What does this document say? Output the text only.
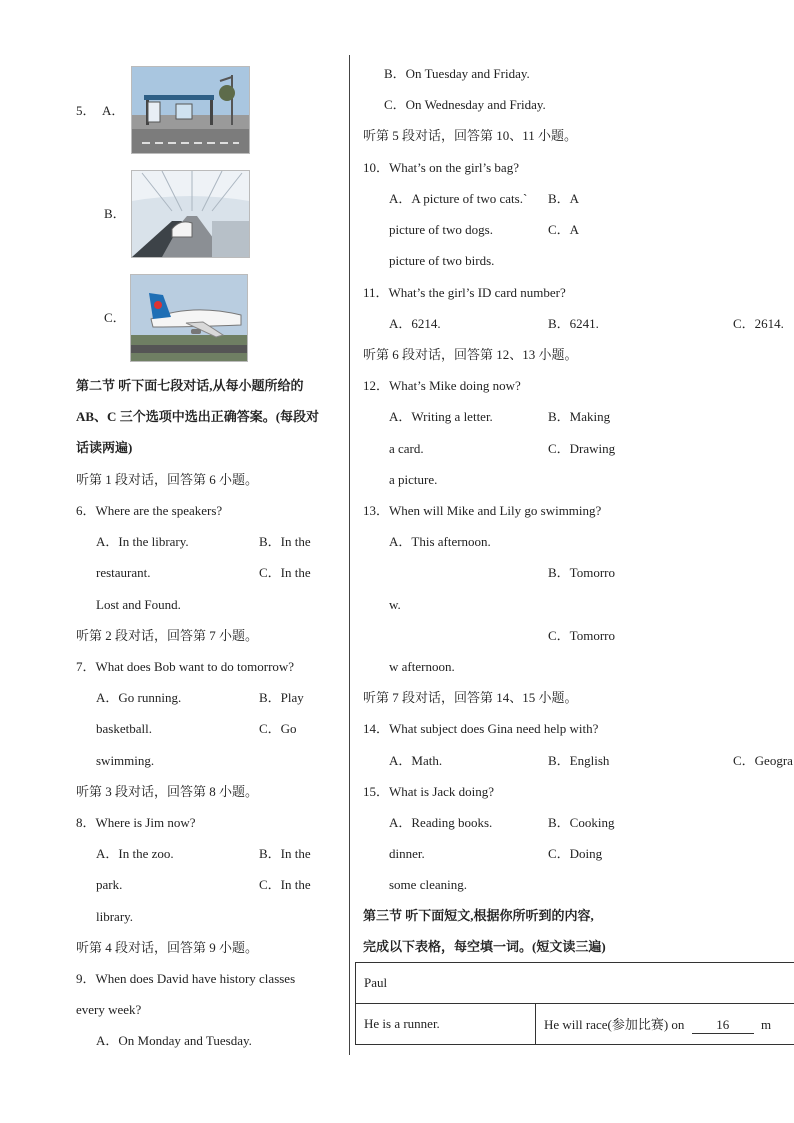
5． A．
B．
C．
第二节 听下面七段对话,从每小题所给的
AB、C 三个选项中选出正确答案。(每段对
话读两遍)
听第 1 段对话，回答第 6 小题。
6．Where are the speakers?
A．In the library.	B．In the
restaurant.	C．In the
Lost and Found.
听第 2 段对话，回答第 7 小题。
7．What does Bob want to do tomorrow?
A．Go running.	B．Play
basketball.	C．Go
swimming.
听第 3 段对话，回答第 8 小题。
8．Where is Jim now?
A．In the zoo.	B．In the
park.	C．In the
library.
听第 4 段对话，回答第 9 小题。
9．When does David have history classes
every week?
A．On Monday and Tuesday.
B．On Tuesday and Friday.
C．On Wednesday and Friday.
听第 5 段对话，回答第 10、11 小题。
10．What’s on the girl’s bag?
A．A picture of two cats.` B．A
picture of two dogs.	C．A
picture of two birds.
11．What’s the girl’s ID card number?
A．6214.	B．6241.	C．2614.
听第 6 段对话，回答第 12、13 小题。
12．What’s Mike doing now?
A．Writing a letter.	B．Making
a card.	C．Drawing
a picture.
13．When will Mike and Lily go swimming?
A．This afternoon.
B．Tomorro
w.
C．Tomorro
w afternoon.
听第 7 段对话，回答第 14、15 小题。
14．What subject does Gina need help with?
A．Math.	B．English	C．Geogra
15．What is Jack doing?
A．Reading books.	B．Cooking
dinner.	C．Doing
some cleaning.
第三节 听下面短文,根据你所听到的内容,
完成以下表格，每空填一词。(短文读三遍)
Paul
He is a runner.	He will race(参加比赛) on 16 m
